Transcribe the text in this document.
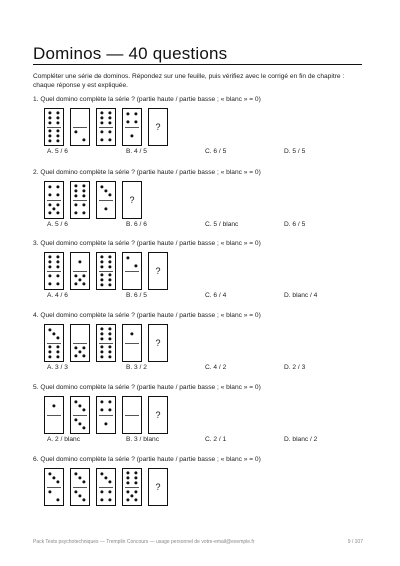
Dominos — 40 questions
Compléter une série de dominos. Répondez sur une feuille, puis vérifiez avec le corrigé en fin de chapitre : chaque réponse y est expliquée.
1. Quel domino complète la série ? (partie haute / partie basse ; « blanc » = 0)
?
A. 5 / 6	B. 4 / 5	C. 6 / 5	D. 5 / 5
2. Quel domino complète la série ? (partie haute / partie basse ; « blanc » = 0)
?
A. 5 / 6	B. 6 / 6	C. 5 / blanc	D. 6 / 5
3. Quel domino complète la série ? (partie haute / partie basse ; « blanc » = 0)
?
A. 4 / 6	B. 6 / 5	C. 6 / 4	D. blanc / 4
4. Quel domino complète la série ? (partie haute / partie basse ; « blanc » = 0)
?
A. 3 / 3	B. 3 / 2	C. 4 / 2	D. 2 / 3
5. Quel domino complète la série ? (partie haute / partie basse ; « blanc » = 0)
?
A. 2 / blanc	B. 3 / blanc	C. 2 / 1	D. blanc / 2
6. Quel domino complète la série ? (partie haute / partie basse ; « blanc » = 0)
?
Pack Tests psychotechniques — Tremplin Concours — usage personnel de votre-email@exemple.fr	9 / 107
